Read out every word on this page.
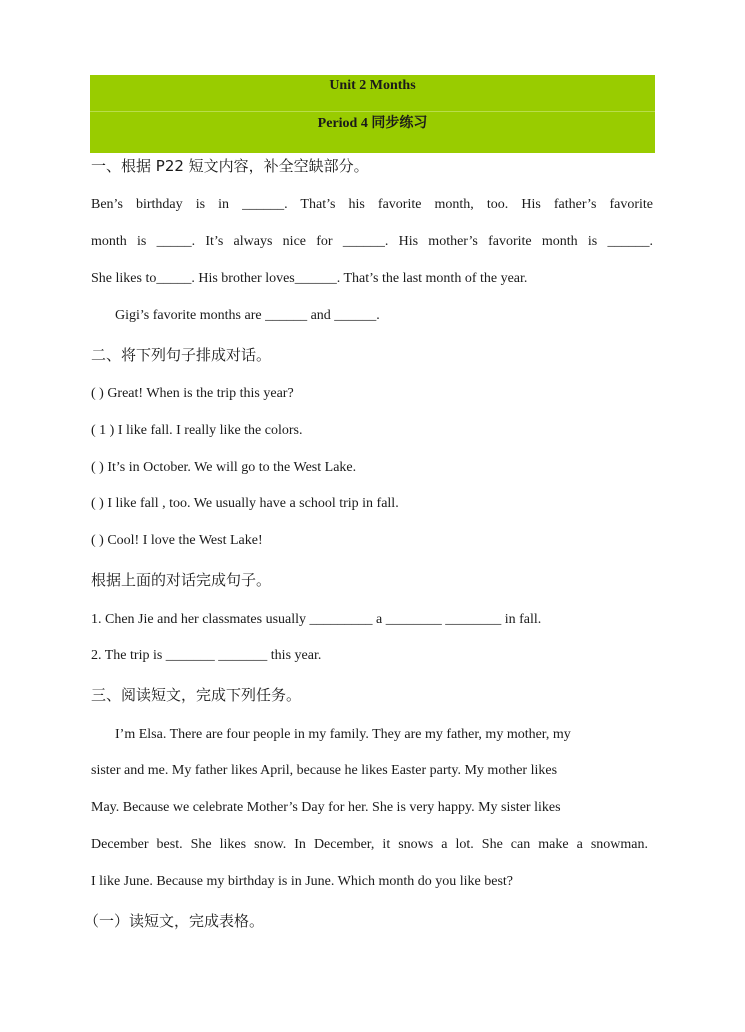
Unit 2 Months
Period 4 同步练习
一、根据 P22 短文内容，补全空缺部分。
Ben’s birthday is in ______. That’s his favorite month, too. His father’s favorite
month is _____. It’s always nice for ______. His mother’s favorite month is ______.
She likes to_____. His brother loves______. That’s the last month of the year.
Gigi’s favorite months are ______ and ______.
二、将下列句子排成对话。
( ) Great! When is the trip this year?
( 1 ) I like fall. I really like the colors.
( ) It’s in October. We will go to the West Lake.
( ) I like fall , too. We usually have a school trip in fall.
( ) Cool! I love the West Lake!
根据上面的对话完成句子。
1. Chen Jie and her classmates usually _________ a ________ ________ in fall.
2. The trip is _______ _______ this year.
三、阅读短文，完成下列任务。
I’m Elsa. There are four people in my family. They are my father, my mother, my
sister and me. My father likes April, because he likes Easter party. My mother likes
May. Because we celebrate Mother’s Day for her. She is very happy. My sister likes
December best. She likes snow. In December, it snows a lot. She can make a snowman.
I like June. Because my birthday is in June. Which month do you like best?
（一）读短文，完成表格。
